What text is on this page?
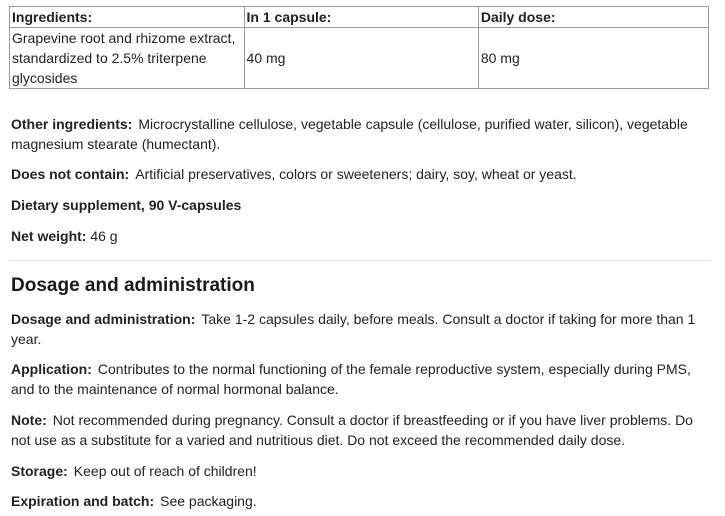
Ingredients:	In 1 capsule:	Daily dose:
Grapevine root and rhizome extract, standardized to 2.5% triterpene glycosides	40 mg	80 mg

Other ingredients: Microcrystalline cellulose, vegetable capsule (cellulose, purified water, silicon), vegetable magnesium stearate (humectant).

Does not contain: Artificial preservatives, colors or sweeteners; dairy, soy, wheat or yeast.

Dietary supplement, 90 V-capsules

Net weight: 46 g

Dosage and administration

Dosage and administration: Take 1-2 capsules daily, before meals. Consult a doctor if taking for more than 1 year.

Application: Contributes to the normal functioning of the female reproductive system, especially during PMS, and to the maintenance of normal hormonal balance.

Note: Not recommended during pregnancy. Consult a doctor if breastfeeding or if you have liver problems. Do not use as a substitute for a varied and nutritious diet. Do not exceed the recommended daily dose.

Storage: Keep out of reach of children!

Expiration and batch: See packaging.
